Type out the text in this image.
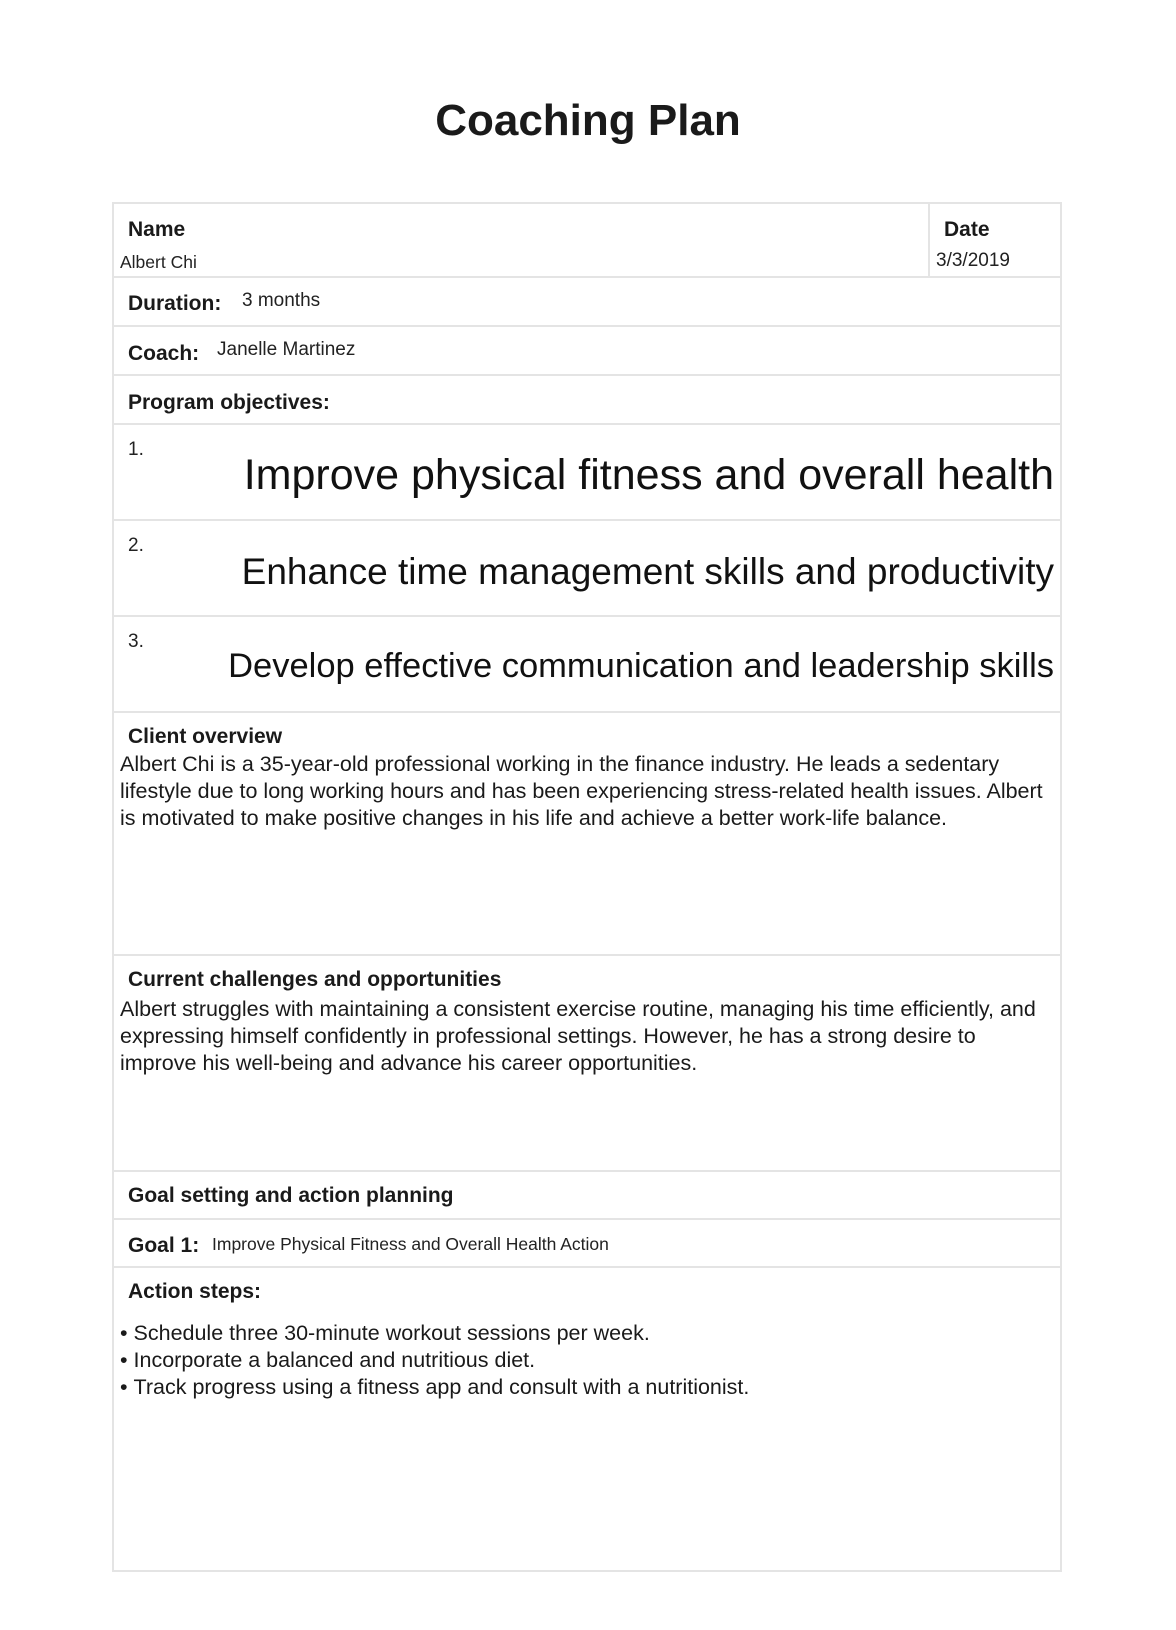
Coaching Plan
Name
Albert Chi
Date
3/3/2019
Duration: 3 months
Coach: Janelle Martinez
Program objectives:
1.
Improve physical fitness and overall health
2.
Enhance time management skills and productivity
3.
Develop effective communication and leadership skills
Client overview
Albert Chi is a 35-year-old professional working in the finance industry. He leads a sedentary lifestyle due to long working hours and has been experiencing stress-related health issues. Albert is motivated to make positive changes in his life and achieve a better work-life balance.
Current challenges and opportunities
Albert struggles with maintaining a consistent exercise routine, managing his time efficiently, and expressing himself confidently in professional settings. However, he has a strong desire to improve his well-being and advance his career opportunities.
Goal setting and action planning
Goal 1: Improve Physical Fitness and Overall Health Action
Action steps:
• Schedule three 30-minute workout sessions per week.
• Incorporate a balanced and nutritious diet.
• Track progress using a fitness app and consult with a nutritionist.
